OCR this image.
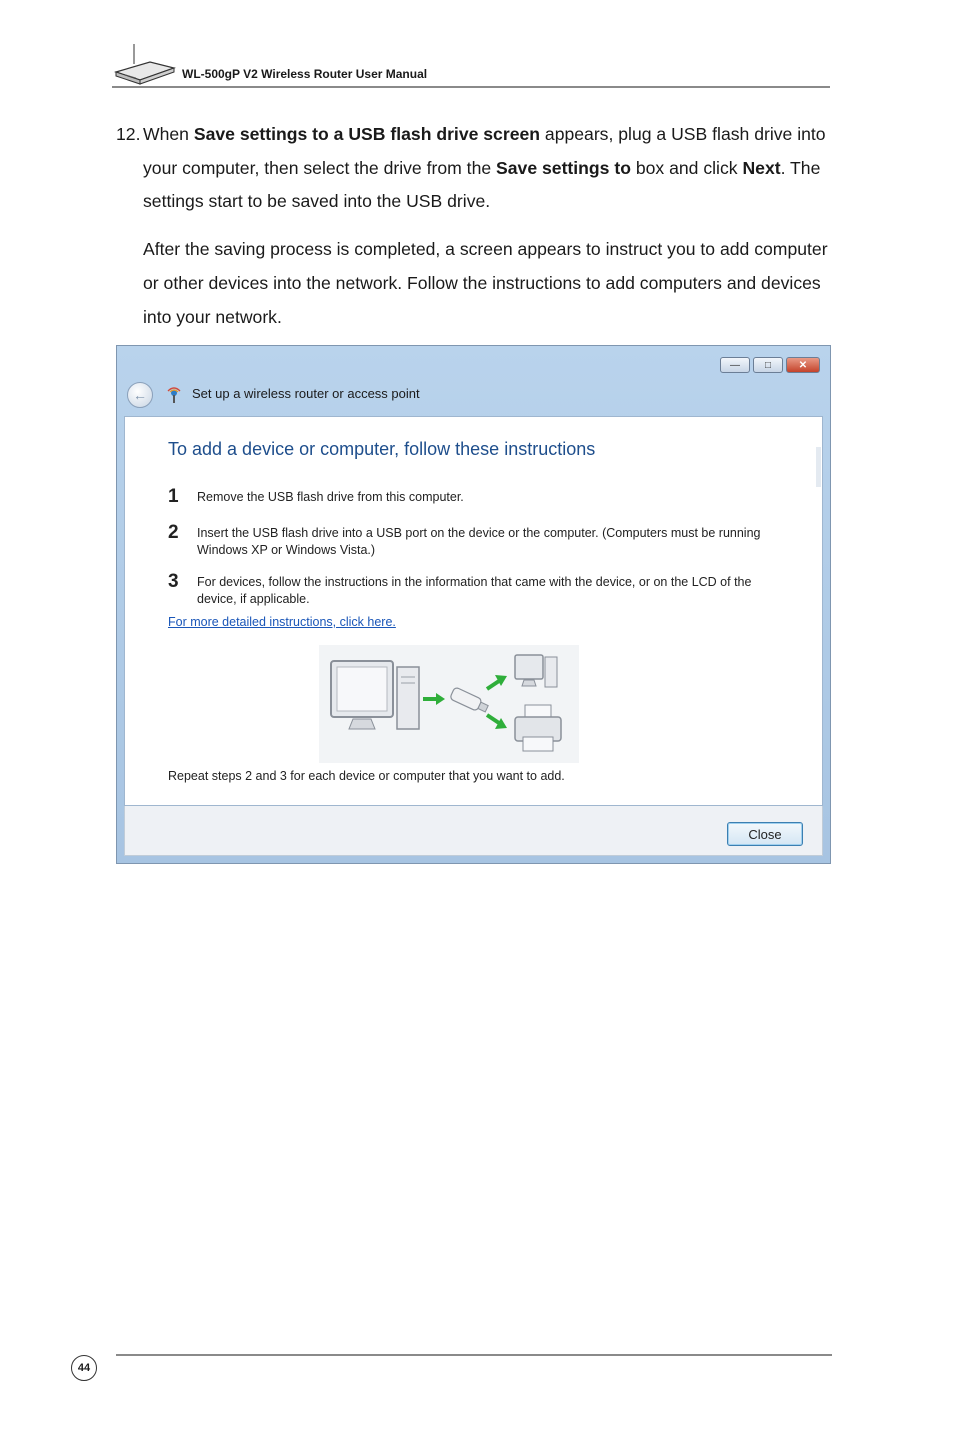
WL-500gP V2 Wireless Router User Manual
12. When Save settings to a USB flash drive screen appears, plug a USB flash drive into your computer, then select the drive from the Save settings to box and click Next. The settings start to be saved into the USB drive.
After the saving process is completed, a screen appears to instruct you to add computer or other devices into the network. Follow the instructions to add computers and devices into your network.
—	□	✕
←	Set up a wireless router or access point
To add a device or computer, follow these instructions
1 Remove the USB flash drive from this computer.
2 Insert the USB flash drive into a USB port on the device or the computer. (Computers must be running Windows XP or Windows Vista.)
3 For devices, follow the instructions in the information that came with the device, or on the LCD of the device, if applicable.
For more detailed instructions, click here.
Repeat steps 2 and 3 for each device or computer that you want to add.
Close
44
